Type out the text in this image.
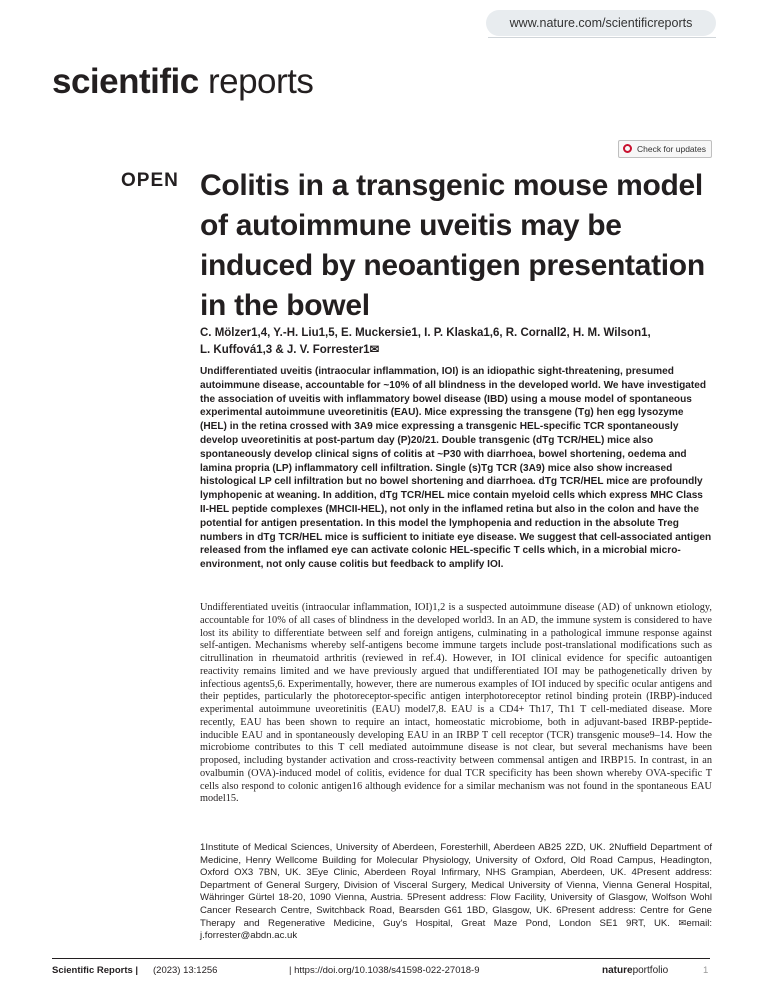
www.nature.com/scientificreports
scientific reports
Check for updates
OPEN Colitis in a transgenic mouse model of autoimmune uveitis may be induced by neoantigen presentation in the bowel
C. Mölzer1,4, Y.-H. Liu1,5, E. Muckersie1, I. P. Klaska1,6, R. Cornall2, H. M. Wilson1,
L. Kuffová1,3 & J. V. Forrester1✉
Undifferentiated uveitis (intraocular inflammation, IOI) is an idiopathic sight-threatening, presumed autoimmune disease, accountable for ~10% of all blindness in the developed world. We have investigated the association of uveitis with inflammatory bowel disease (IBD) using a mouse model of spontaneous experimental autoimmune uveoretinitis (EAU). Mice expressing the transgene (Tg) hen egg lysozyme (HEL) in the retina crossed with 3A9 mice expressing a transgenic HEL-specific TCR spontaneously develop uveoretinitis at post-partum day (P)20/21. Double transgenic (dTg TCR/HEL) mice also spontaneously develop clinical signs of colitis at ~P30 with diarrhoea, bowel shortening, oedema and lamina propria (LP) inflammatory cell infiltration. Single (s)Tg TCR (3A9) mice also show increased histological LP cell infiltration but no bowel shortening and diarrhoea. dTg TCR/HEL mice are profoundly lymphopenic at weaning. In addition, dTg TCR/HEL mice contain myeloid cells which express MHC Class II-HEL peptide complexes (MHCII-HEL), not only in the inflamed retina but also in the colon and have the potential for antigen presentation. In this model the lymphopenia and reduction in the absolute Treg numbers in dTg TCR/HEL mice is sufficient to initiate eye disease. We suggest that cell-associated antigen released from the inflamed eye can activate colonic HEL-specific T cells which, in a microbial micro-environment, not only cause colitis but feedback to amplify IOI.
Undifferentiated uveitis (intraocular inflammation, IOI)1,2 is a suspected autoimmune disease (AD) of unknown etiology, accountable for 10% of all cases of blindness in the developed world3. In an AD, the immune system is considered to have lost its ability to differentiate between self and foreign antigens, culminating in a pathological immune response against self-antigen. Mechanisms whereby self-antigens become immune targets include post-translational modifications such as citrullination in rheumatoid arthritis (reviewed in ref.4). However, in IOI clinical evidence for specific autoantigen reactivity remains limited and we have previously argued that undifferentiated IOI may be pathogenetically driven by infectious agents5,6. Experimentally, however, there are numerous examples of IOI induced by specific ocular antigens and their peptides, particularly the photoreceptor-specific antigen interphotoreceptor retinol binding protein (IRBP)-induced experimental autoimmune uveoretinitis (EAU) model7,8. EAU is a CD4+ Th17, Th1 T cell-mediated disease. More recently, EAU has been shown to require an intact, homeostatic microbiome, both in adjuvant-based IRBP-peptide-inducible EAU and in spontaneously developing EAU in an IRBP T cell receptor (TCR) transgenic mouse9–14. How the microbiome contributes to this T cell mediated autoimmune disease is not clear, but several mechanisms have been proposed, including bystander activation and cross-reactivity between commensal antigen and IRBP15. In contrast, in an ovalbumin (OVA)-induced model of colitis, evidence for dual TCR specificity has been shown whereby OVA-specific T cells also respond to colonic antigen16 although evidence for a similar mechanism was not found in the spontaneous EAU model15.
1Institute of Medical Sciences, University of Aberdeen, Foresterhill, Aberdeen AB25 2ZD, UK. 2Nuffield Department of Medicine, Henry Wellcome Building for Molecular Physiology, University of Oxford, Old Road Campus, Headington, Oxford OX3 7BN, UK. 3Eye Clinic, Aberdeen Royal Infirmary, NHS Grampian, Aberdeen, UK. 4Present address: Department of General Surgery, Division of Visceral Surgery, Medical University of Vienna, Vienna General Hospital, Währinger Gürtel 18-20, 1090 Vienna, Austria. 5Present address: Flow Facility, University of Glasgow, Wolfson Wohl Cancer Research Centre, Switchback Road, Bearsden G61 1BD, Glasgow, UK. 6Present address: Centre for Gene Therapy and Regenerative Medicine, Guy's Hospital, Great Maze Pond, London SE1 9RT, UK. ✉email: j.forrester@abdn.ac.uk
Scientific Reports | (2023) 13:1256	| https://doi.org/10.1038/s41598-022-27018-9	natureportfolio	1
